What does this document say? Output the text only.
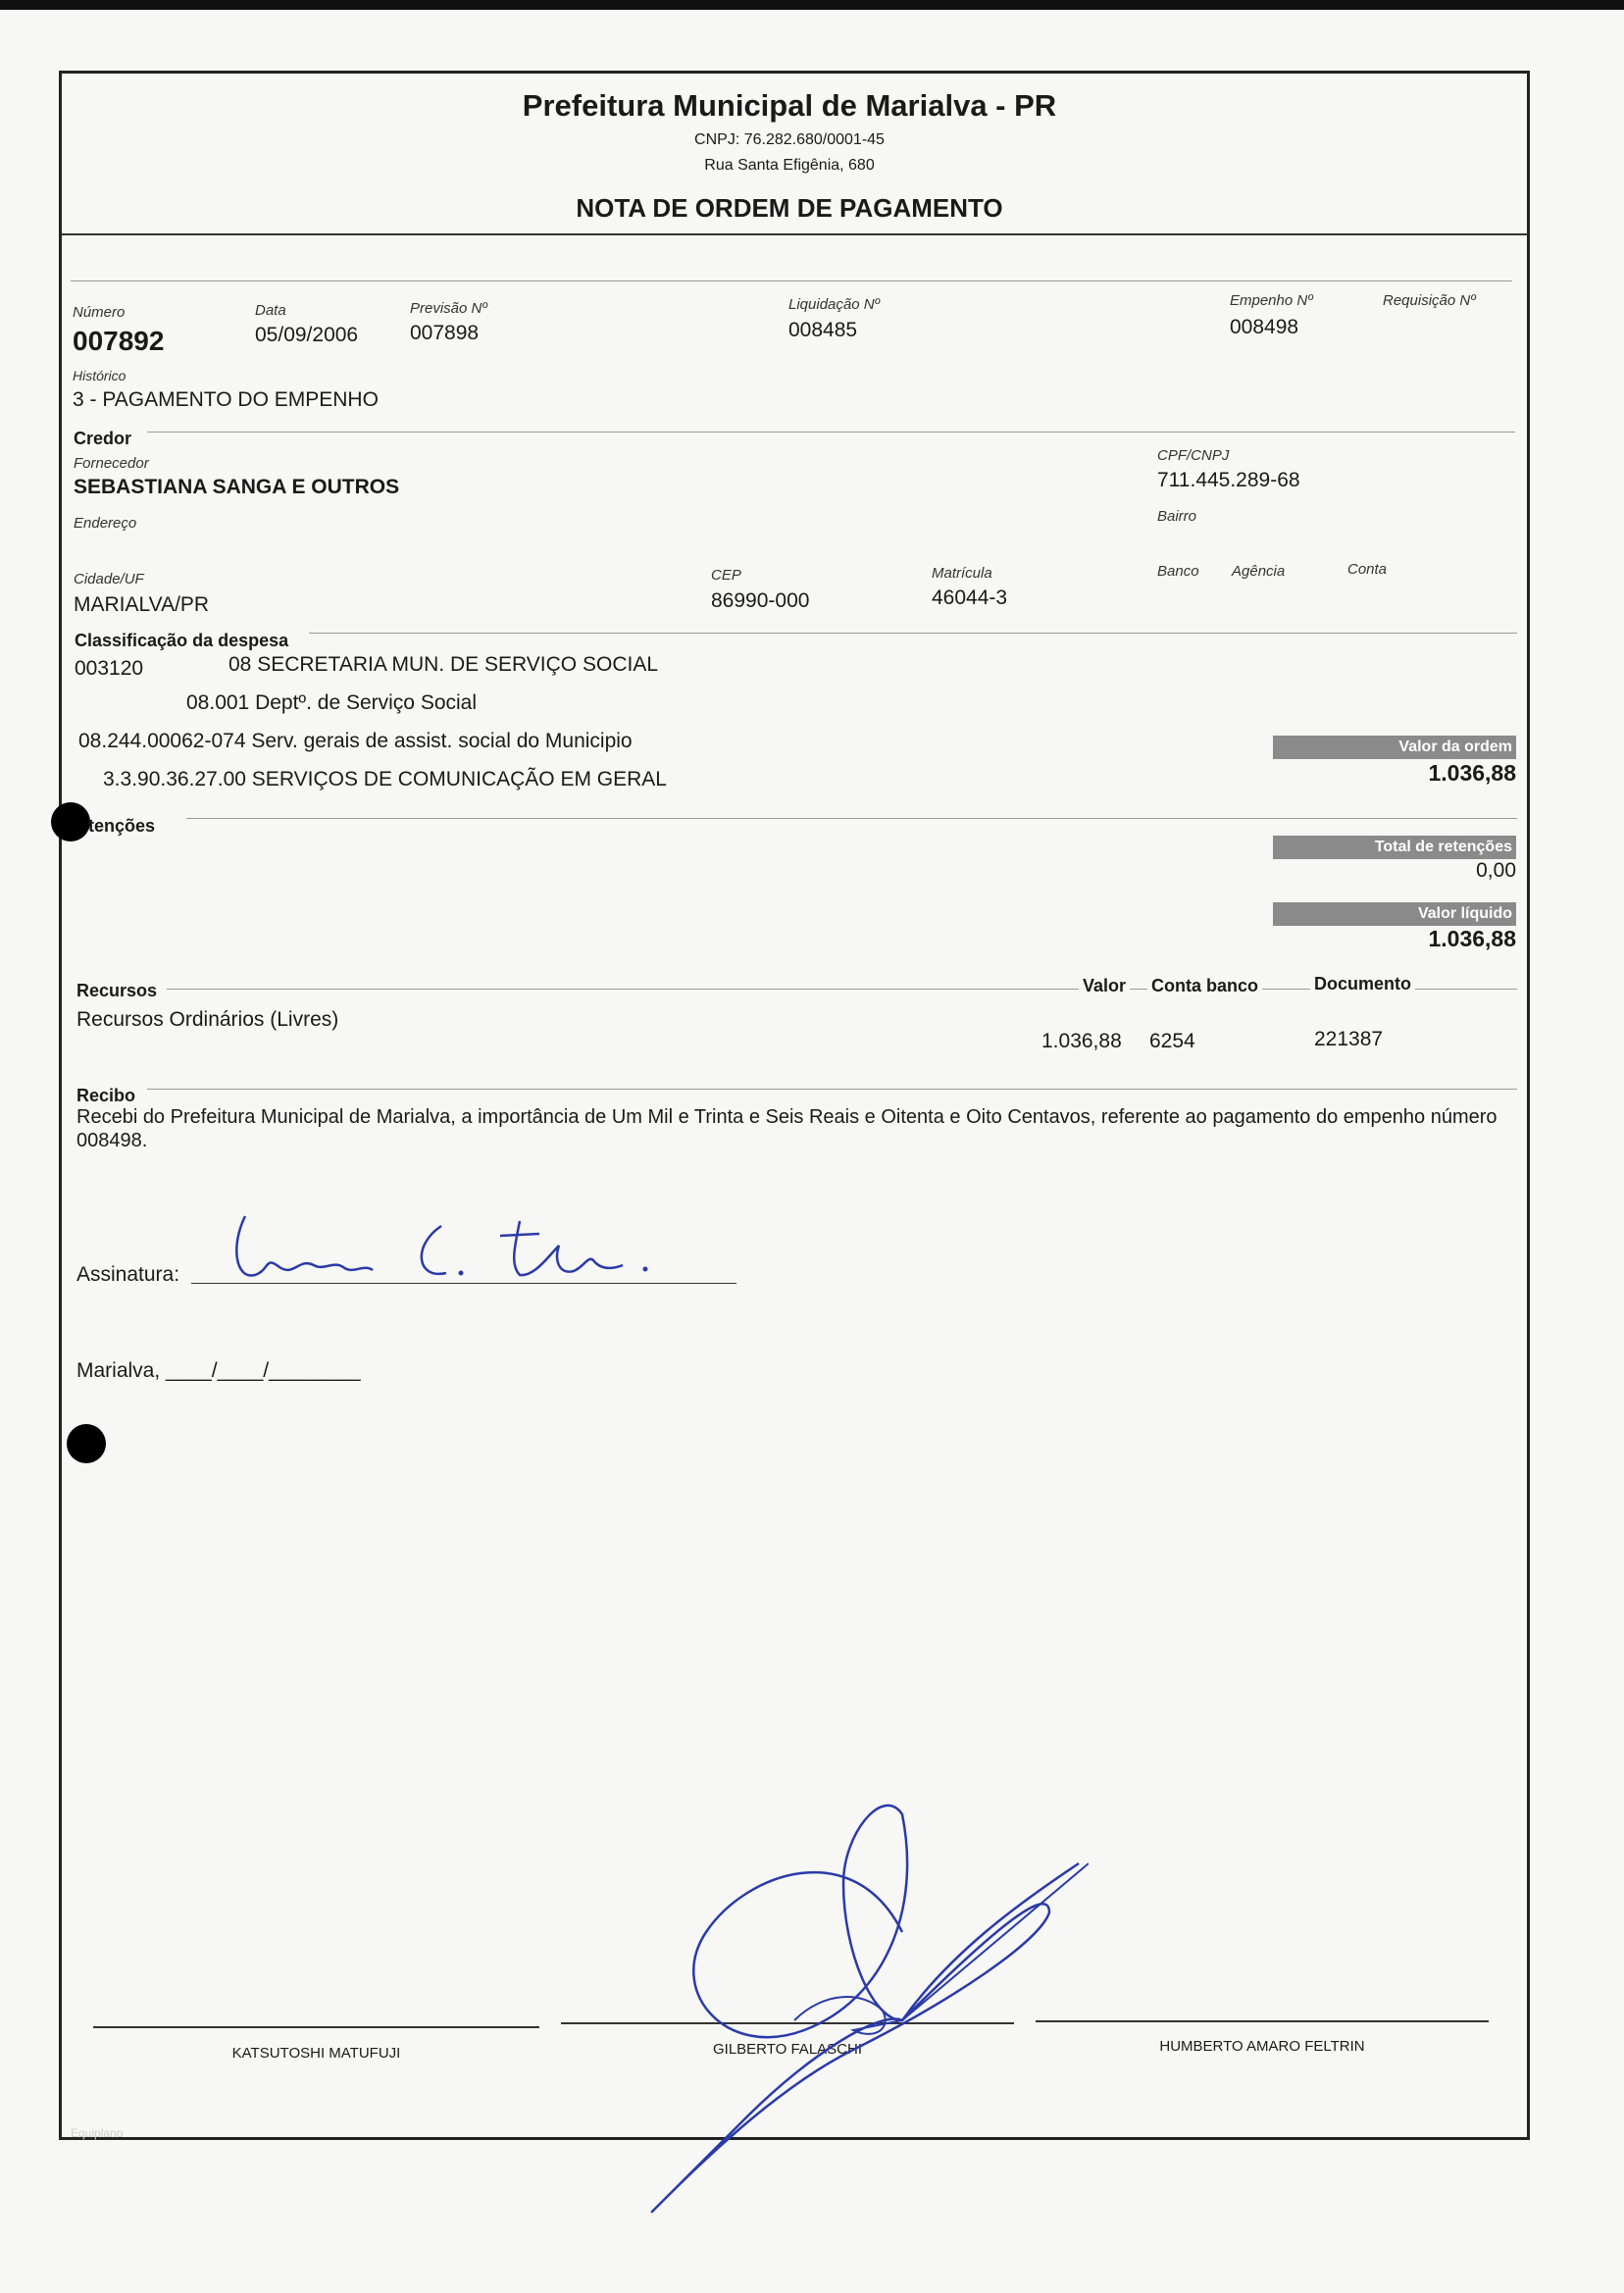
Prefeitura Municipal de Marialva - PR
CNPJ: 76.282.680/0001-45
Rua Santa Efigênia, 680
NOTA DE ORDEM DE PAGAMENTO
Número
007892
Data
05/09/2006
Previsão Nº
007898
Liquidação Nº
008485
Empenho Nº
008498
Requisição Nº
Histórico
3 - PAGAMENTO DO EMPENHO
Credor
Fornecedor
SEBASTIANA SANGA E OUTROS
CPF/CNPJ
711.445.289-68
Endereço	Bairro
Cidade/UF
MARIALVA/PR
CEP
86990-000
Matrícula
46044-3
Banco Agência	Conta
Classificação da despesa
003120	08 SECRETARIA MUN. DE SERVIÇO SOCIAL
08.001 Deptº. de Serviço Social
08.244.00062-074 Serv. gerais de assist. social do Municipio
3.3.90.36.27.00 SERVIÇOS DE COMUNICAÇÃO EM GERAL
Valor da ordem
1.036,88
tenções
Total de retenções
0,00
Valor líquido
1.036,88
Recursos	Valor Conta banco	Documento
Recursos Ordinários (Livres)
1.036,88 6254	221387
Recibo
Recebi do Prefeitura Municipal de Marialva, a importância de Um Mil e Trinta e Seis Reais e Oitenta e Oito Centavos, referente ao pagamento do empenho número 008498.
Assinatura:
Marialva, ____/____/________
KATSUTOSHI MATUFUJI	GILBERTO FALASCHI	HUMBERTO AMARO FELTRIN
Equiplano
